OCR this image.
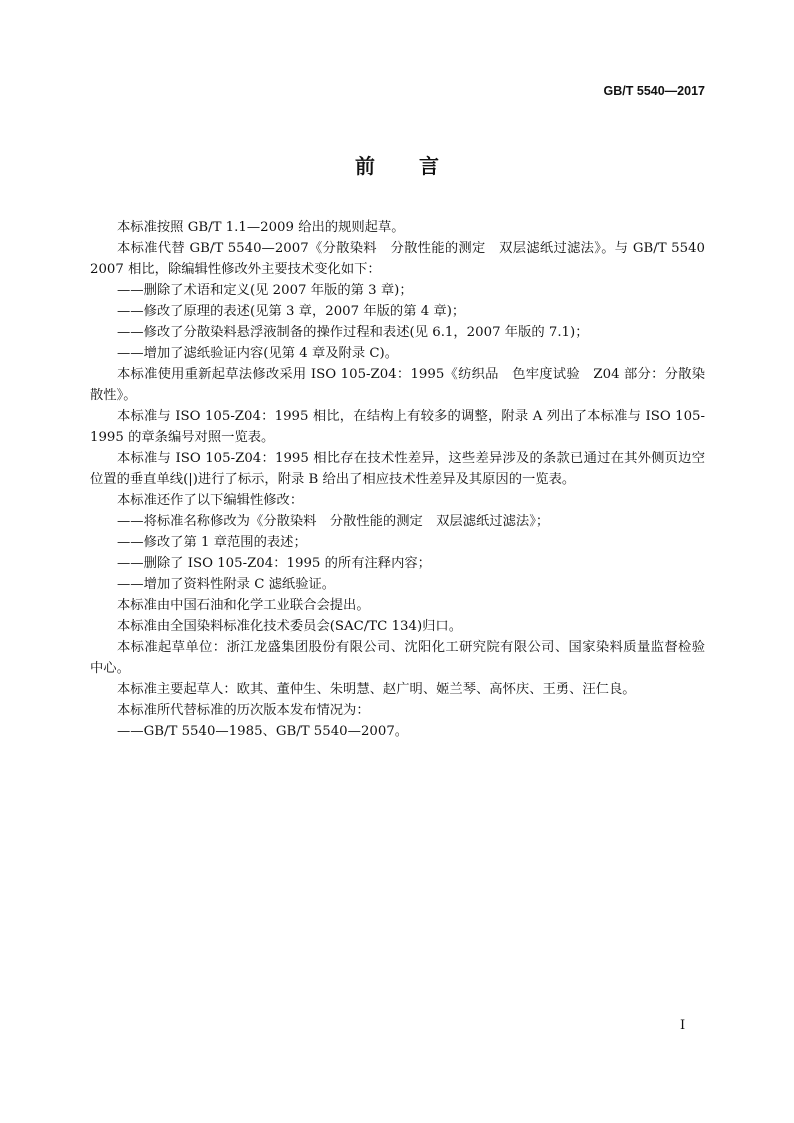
GB/T 5540—2017
前 言
本标准按照 GB/T 1.1—2009 给出的规则起草。
本标准代替 GB/T 5540—2007《分散染料　分散性能的测定　双层滤纸过滤法》。与 GB/T 5540
2007 相比，除编辑性修改外主要技术变化如下：
——删除了术语和定义(见 2007 年版的第 3 章)；
——修改了原理的表述(见第 3 章，2007 年版的第 4 章)；
——修改了分散染料悬浮液制备的操作过程和表述(见 6.1，2007 年版的 7.1)；
——增加了滤纸验证内容(见第 4 章及附录 C)。
本标准使用重新起草法修改采用 ISO 105-Z04：1995《纺织品　色牢度试验　Z04 部分：分散染
散性》。
本标准与 ISO 105-Z04：1995 相比，在结构上有较多的调整，附录 A 列出了本标准与 ISO 105-
1995 的章条编号对照一览表。
本标准与 ISO 105-Z04：1995 相比存在技术性差异，这些差异涉及的条款已通过在其外侧页边空
位置的垂直单线(|)进行了标示，附录 B 给出了相应技术性差异及其原因的一览表。
本标准还作了以下编辑性修改：
——将标准名称修改为《分散染料　分散性能的测定　双层滤纸过滤法》；
——修改了第 1 章范围的表述；
——删除了 ISO 105-Z04：1995 的所有注释内容；
——增加了资料性附录 C 滤纸验证。
本标准由中国石油和化学工业联合会提出。
本标准由全国染料标准化技术委员会(SAC/TC 134)归口。
本标准起草单位：浙江龙盛集团股份有限公司、沈阳化工研究院有限公司、国家染料质量监督检验
中心。
本标准主要起草人：欧其、董仲生、朱明慧、赵广明、姬兰琴、高怀庆、王勇、汪仁良。
本标准所代替标准的历次版本发布情况为：
——GB/T 5540—1985、GB/T 5540—2007。
I
